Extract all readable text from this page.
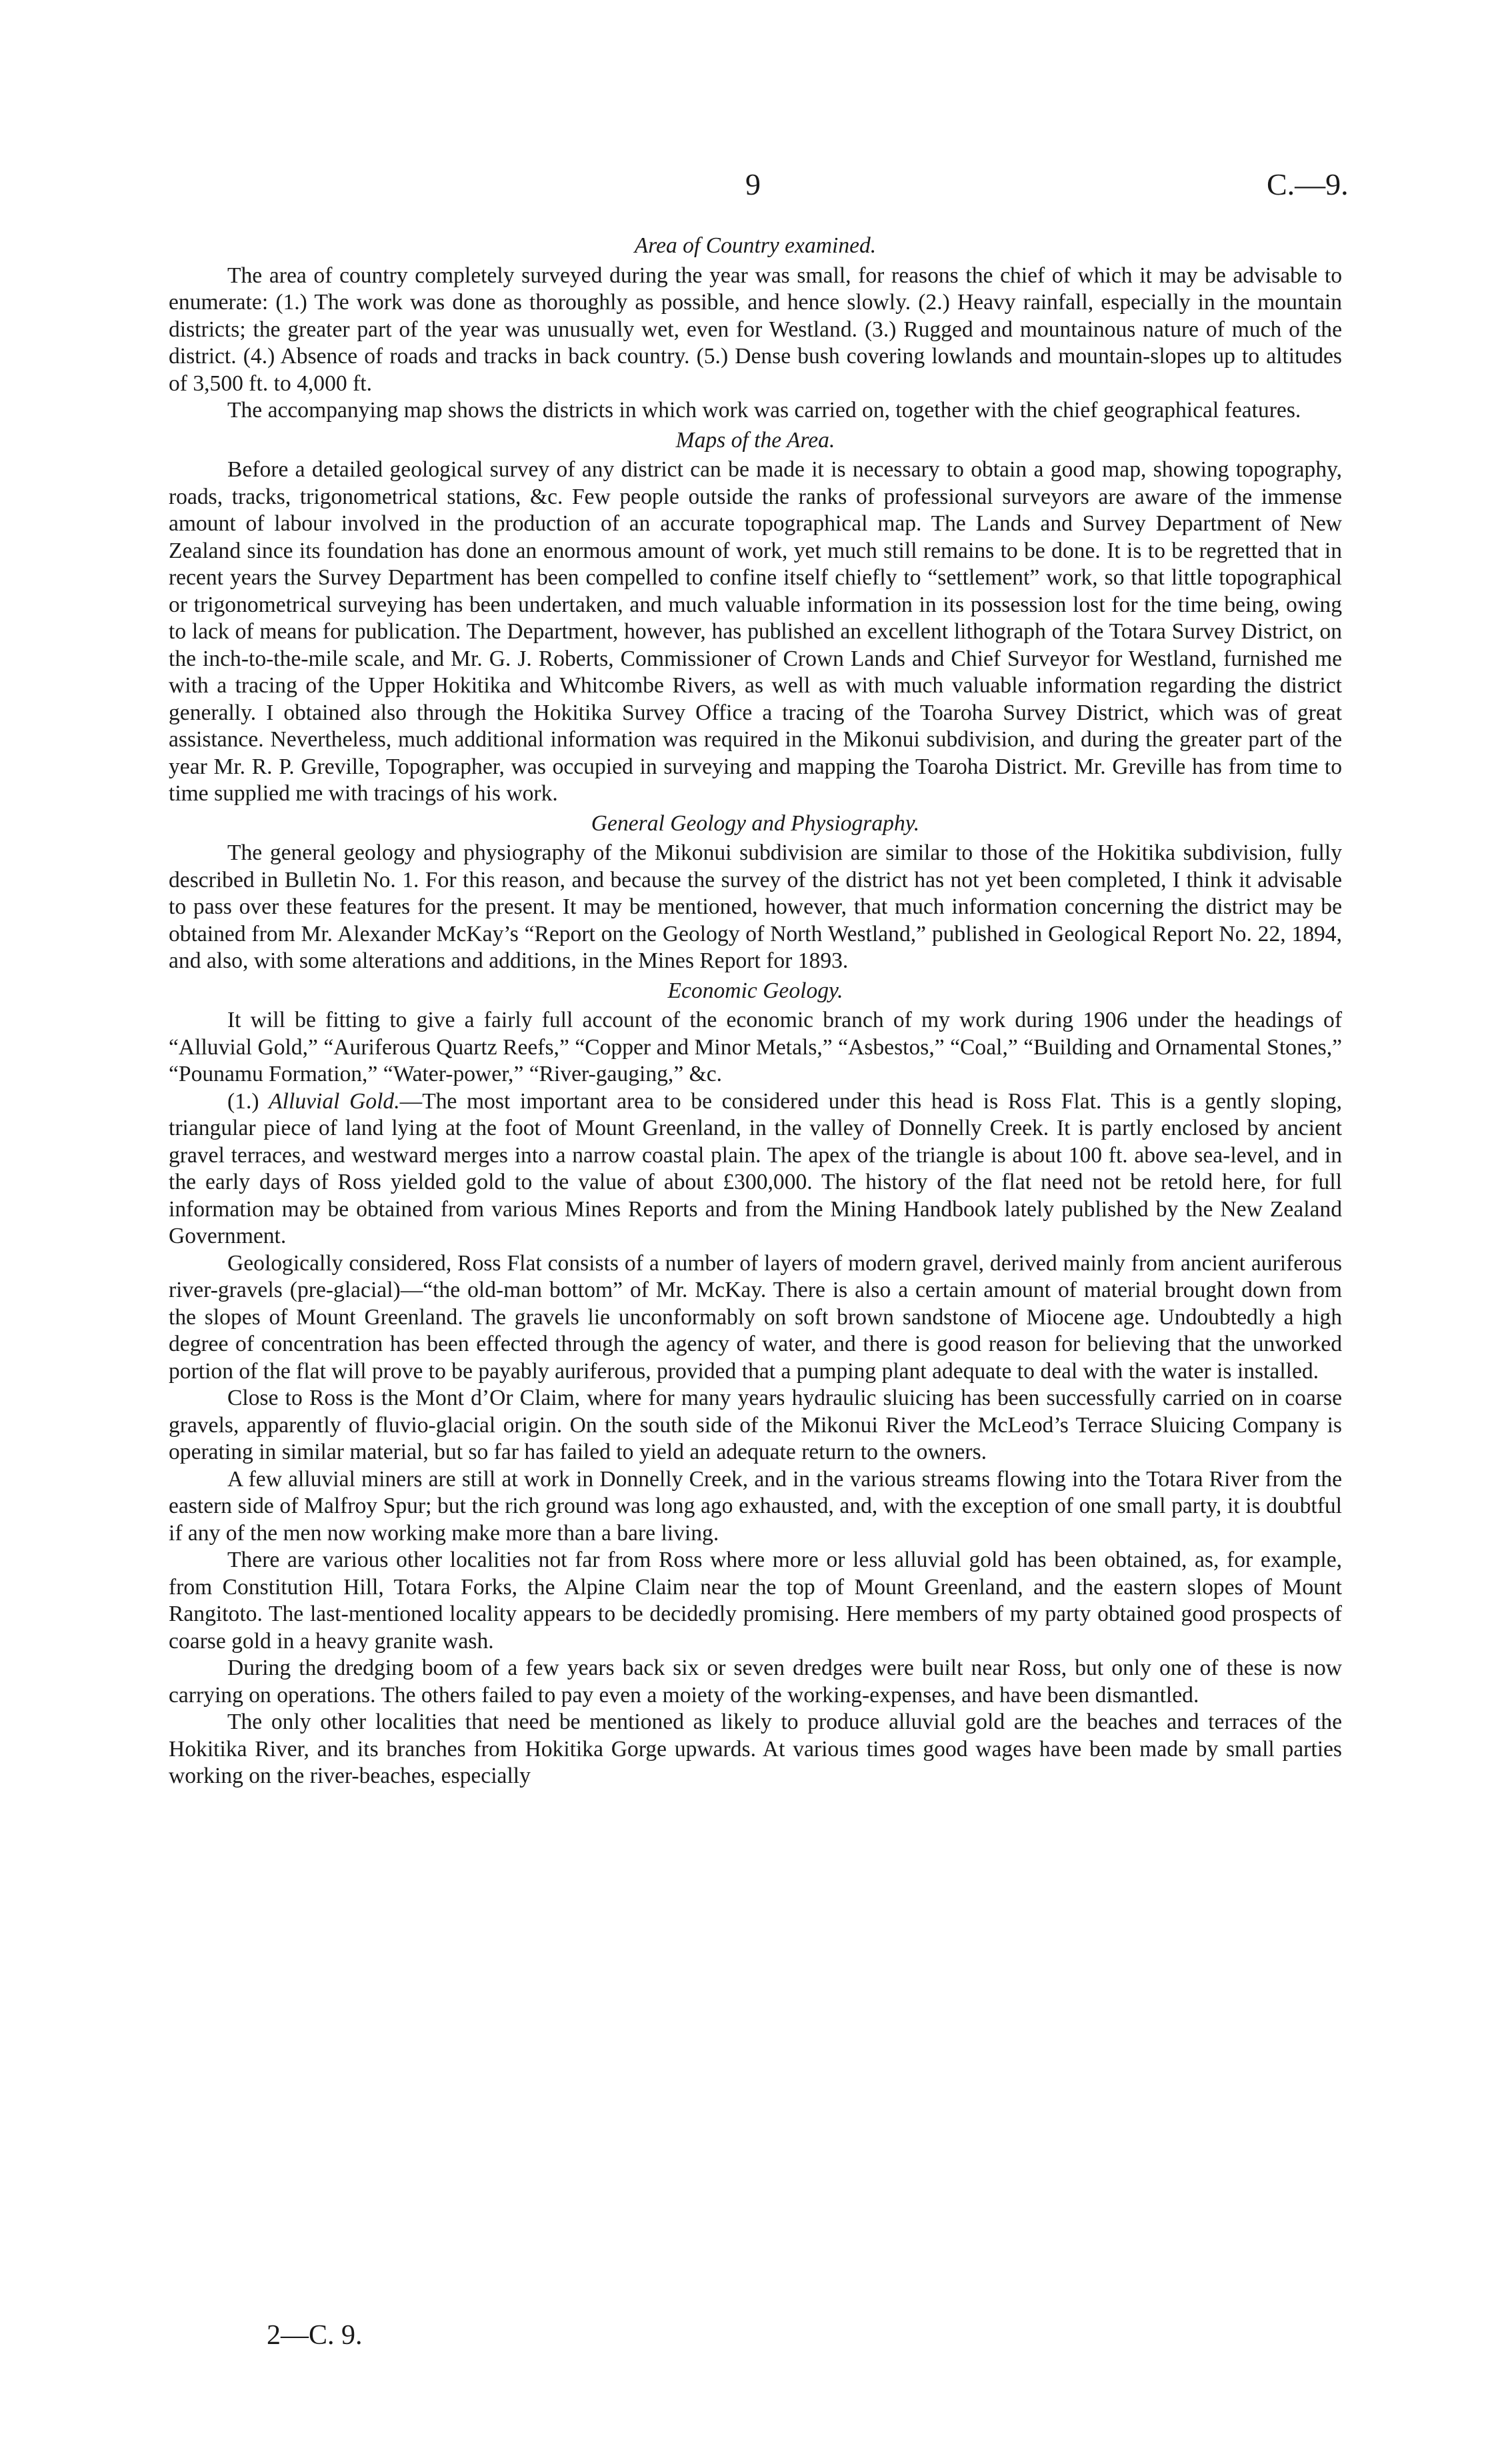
9	C.—9.

Area of Country examined.

The area of country completely surveyed during the year was small, for reasons the chief of which it may be advisable to enumerate: (1.) The work was done as thoroughly as possible, and hence slowly. (2.) Heavy rainfall, especially in the mountain districts; the greater part of the year was unusually wet, even for Westland. (3.) Rugged and mountainous nature of much of the district. (4.) Absence of roads and tracks in back country. (5.) Dense bush covering lowlands and mountain-slopes up to altitudes of 3,500 ft. to 4,000 ft.

The accompanying map shows the districts in which work was carried on, together with the chief geographical features.

Maps of the Area.

Before a detailed geological survey of any district can be made it is necessary to obtain a good map, showing topography, roads, tracks, trigonometrical stations, &c. Few people outside the ranks of professional surveyors are aware of the immense amount of labour involved in the production of an accurate topographical map. The Lands and Survey Department of New Zealand since its foundation has done an enormous amount of work, yet much still remains to be done. It is to be regretted that in recent years the Survey Department has been compelled to confine itself chiefly to “settlement” work, so that little topographical or trigonometrical surveying has been undertaken, and much valuable information in its possession lost for the time being, owing to lack of means for publication. The Department, however, has published an excellent lithograph of the Totara Survey District, on the inch-to-the-mile scale, and Mr. G. J. Roberts, Commissioner of Crown Lands and Chief Surveyor for Westland, furnished me with a tracing of the Upper Hokitika and Whitcombe Rivers, as well as with much valuable information regarding the district generally. I obtained also through the Hokitika Survey Office a tracing of the Toaroha Survey District, which was of great assistance. Nevertheless, much additional information was required in the Mikonui subdivision, and during the greater part of the year Mr. R. P. Greville, Topographer, was occupied in surveying and mapping the Toaroha District. Mr. Greville has from time to time supplied me with tracings of his work.

General Geology and Physiography.

The general geology and physiography of the Mikonui subdivision are similar to those of the Hokitika subdivision, fully described in Bulletin No. 1. For this reason, and because the survey of the district has not yet been completed, I think it advisable to pass over these features for the present. It may be mentioned, however, that much information concerning the district may be obtained from Mr. Alexander McKay’s “Report on the Geology of North Westland,” published in Geological Report No. 22, 1894, and also, with some alterations and additions, in the Mines Report for 1893.

Economic Geology.

It will be fitting to give a fairly full account of the economic branch of my work during 1906 under the headings of “Alluvial Gold,” “Auriferous Quartz Reefs,” “Copper and Minor Metals,” “Asbestos,” “Coal,” “Building and Ornamental Stones,” “Pounamu Formation,” “Water-power,” “River-gauging,” &c.

(1.) Alluvial Gold.—The most important area to be considered under this head is Ross Flat. This is a gently sloping, triangular piece of land lying at the foot of Mount Greenland, in the valley of Donnelly Creek. It is partly enclosed by ancient gravel terraces, and westward merges into a narrow coastal plain. The apex of the triangle is about 100 ft. above sea-level, and in the early days of Ross yielded gold to the value of about £300,000. The history of the flat need not be retold here, for full information may be obtained from various Mines Reports and from the Mining Handbook lately published by the New Zealand Government.

Geologically considered, Ross Flat consists of a number of layers of modern gravel, derived mainly from ancient auriferous river-gravels (pre-glacial)—“the old-man bottom” of Mr. McKay. There is also a certain amount of material brought down from the slopes of Mount Greenland. The gravels lie unconformably on soft brown sandstone of Miocene age. Undoubtedly a high degree of concentration has been effected through the agency of water, and there is good reason for believing that the unworked portion of the flat will prove to be payably auriferous, provided that a pumping plant adequate to deal with the water is installed.

Close to Ross is the Mont d’Or Claim, where for many years hydraulic sluicing has been successfully carried on in coarse gravels, apparently of fluvio-glacial origin. On the south side of the Mikonui River the McLeod’s Terrace Sluicing Company is operating in similar material, but so far has failed to yield an adequate return to the owners.

A few alluvial miners are still at work in Donnelly Creek, and in the various streams flowing into the Totara River from the eastern side of Malfroy Spur; but the rich ground was long ago exhausted, and, with the exception of one small party, it is doubtful if any of the men now working make more than a bare living.

There are various other localities not far from Ross where more or less alluvial gold has been obtained, as, for example, from Constitution Hill, Totara Forks, the Alpine Claim near the top of Mount Greenland, and the eastern slopes of Mount Rangitoto. The last-mentioned locality appears to be decidedly promising. Here members of my party obtained good prospects of coarse gold in a heavy granite wash.

During the dredging boom of a few years back six or seven dredges were built near Ross, but only one of these is now carrying on operations. The others failed to pay even a moiety of the working-expenses, and have been dismantled.

The only other localities that need be mentioned as likely to produce alluvial gold are the beaches and terraces of the Hokitika River, and its branches from Hokitika Gorge upwards. At various times good wages have been made by small parties working on the river-beaches, especially

2—C. 9.
